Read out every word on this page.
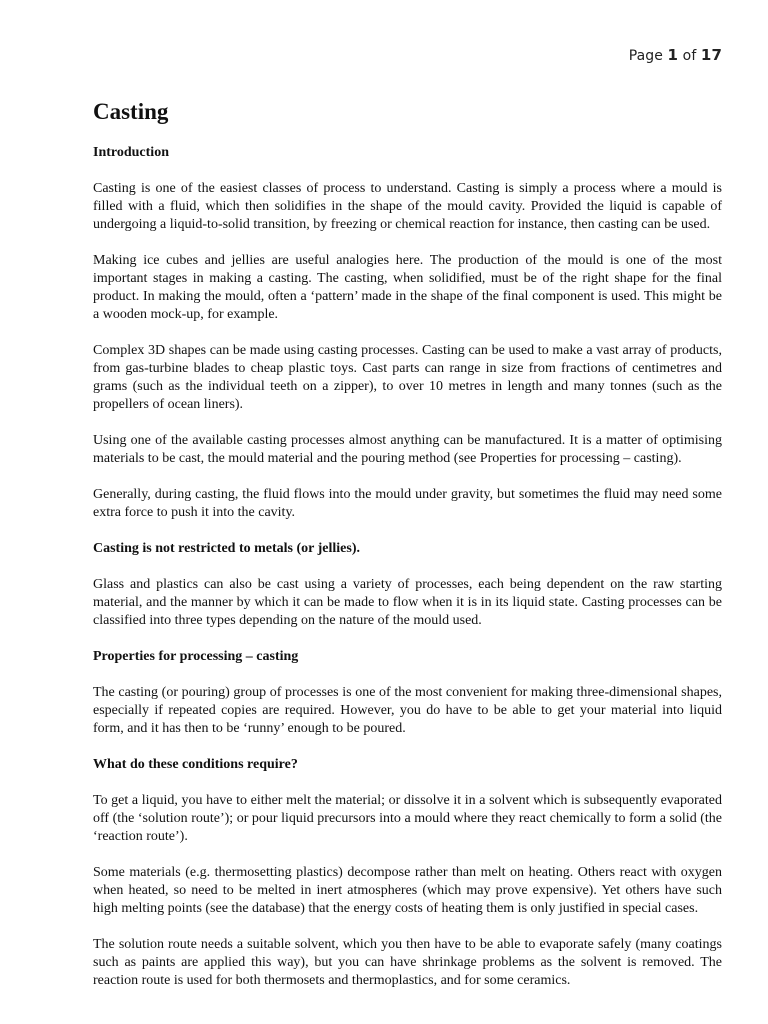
Page 1 of 17
Casting
Introduction

Casting is one of the easiest classes of process to understand. Casting is simply a process where a mould is filled with a fluid, which then solidifies in the shape of the mould cavity. Provided the liquid is capable of undergoing a liquid-to-solid transition, by freezing or chemical reaction for instance, then casting can be used.

Making ice cubes and jellies are useful analogies here. The production of the mould is one of the most important stages in making a casting. The casting, when solidified, must be of the right shape for the final product. In making the mould, often a ‘pattern’ made in the shape of the final component is used. This might be a wooden mock-up, for example.

Complex 3D shapes can be made using casting processes. Casting can be used to make a vast array of products, from gas-turbine blades to cheap plastic toys. Cast parts can range in size from fractions of centimetres and grams (such as the individual teeth on a zipper), to over 10 metres in length and many tonnes (such as the propellers of ocean liners).

Using one of the available casting processes almost anything can be manufactured. It is a matter of optimising materials to be cast, the mould material and the pouring method (see Properties for processing – casting).

Generally, during casting, the fluid flows into the mould under gravity, but sometimes the fluid may need some extra force to push it into the cavity.

Casting is not restricted to metals (or jellies).

Glass and plastics can also be cast using a variety of processes, each being dependent on the raw starting material, and the manner by which it can be made to flow when it is in its liquid state. Casting processes can be classified into three types depending on the nature of the mould used.

Properties for processing – casting

The casting (or pouring) group of processes is one of the most convenient for making three-dimensional shapes, especially if repeated copies are required. However, you do have to be able to get your material into liquid form, and it has then to be ‘runny’ enough to be poured.

What do these conditions require?

To get a liquid, you have to either melt the material; or dissolve it in a solvent which is subsequently evaporated off (the ‘solution route’); or pour liquid precursors into a mould where they react chemically to form a solid (the ‘reaction route’).

Some materials (e.g. thermosetting plastics) decompose rather than melt on heating. Others react with oxygen when heated, so need to be melted in inert atmospheres (which may prove expensive). Yet others have such high melting points (see the database) that the energy costs of heating them is only justified in special cases.

The solution route needs a suitable solvent, which you then have to be able to evaporate safely (many coatings such as paints are applied this way), but you can have shrinkage problems as the solvent is removed. The reaction route is used for both thermosets and thermoplastics, and for some ceramics.
